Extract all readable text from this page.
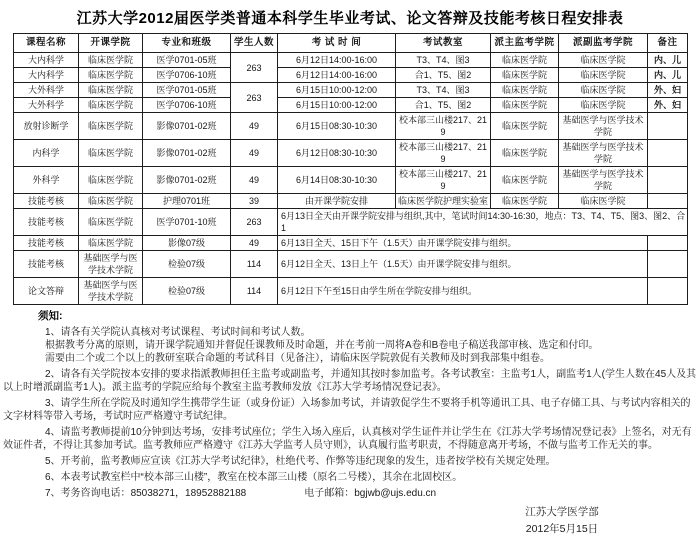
江苏大学2012届医学类普通本科学生毕业考试、论文答辩及技能考核日程安排表
课程名称	开课学院	专业和班级	学生人数	考 试 时 间	考试教室	派主监考学院	派副监考学院	备注
大内科学	临床医学院	医学0701-05班	263	6月12日14:00-16:00	T3、T4、图3	临床医学院	临床医学院	内、儿
大内科学	临床医学院	医学0706-10班		6月12日14:00-16:00	合1、T5、图2	临床医学院	临床医学院	内、儿
大外科学	临床医学院	医学0701-05班	263	6月15日10:00-12:00	T3、T4、图3	临床医学院	临床医学院	外、妇
大外科学	临床医学院	医学0706-10班		6月15日10:00-12:00	合1、T5、图2	临床医学院	临床医学院	外、妇
放射诊断学	临床医学院	影像0701-02班	49	6月15日08:30-10:30	校本部三山楼217、219	临床医学院	基础医学与医学技术学院	
内科学	临床医学院	影像0701-02班	49	6月12日08:30-10:30	校本部三山楼217、219	临床医学院	基础医学与医学技术学院	
外科学	临床医学院	影像0701-02班	49	6月14日08:30-10:30	校本部三山楼217、219	临床医学院	基础医学与医学技术学院	
技能考核	临床医学院	护理0701班	39	由开课学院安排	临床医学院护理实验室	临床医学院	临床医学院	
技能考核	临床医学院	医学0701-10班	263	6月13日全天由开课学院安排与组织,其中，笔试时间14:30-16:30，地点：T3、T4、T5、图3、图2、合1				
技能考核	临床医学院	影像07级	49	6月13日全天、15日下午（1.5天）由开课学院安排与组织。				
技能考核	基础医学与医学技术学院	检验07级	114	6月12日全天、13日上午（1.5天）由开课学院安排与组织。				
论文答辩	基础医学与医学技术学院	检验07级	114	6月12日下午至15日由学生所在学院安排与组织。				

须知:

1、请各有关学院认真核对考试课程、考试时间和考试人数。

根据教考分离的原则，请开课学院通知并督促任课教师及时命题，并在考前一周将A卷和B卷电子稿送我部审核、选定和付印。

需要由二个或二个以上的教研室联合命题的考试科目（见备注），请临床医学院敦促有关教师及时到我部集中组卷。

2、请各有关学院按本安排的要求指派教师担任主监考或副监考，并通知其按时参加监考。各考试教室：主监考1人，副监考1人(学生人数在45人及其以上时增派副监考1人)。派主监考的学院应给每个教室主监考教师发放《江苏大学考场情况登记表》。

3、请学生所在学院及时通知学生携带学生证（或身份证）入场参加考试，并请敦促学生不要将手机等通讯工具、电子存储工具、与考试内容相关的文字材料等带入考场，考试时应严格遵守考试纪律。

4、请监考教师提前10分钟到达考场，安排考试座位；学生入场入座后，认真核对学生证件并让学生在《江苏大学考场情况登记表》上签名，对无有效证件者，不得让其参加考试。监考教师应严格遵守《江苏大学监考人员守则》，认真履行监考职责，不得随意离开考场，不做与监考工作无关的事。

5、开考前，监考教师应宣读《江苏大学考试纪律》，杜绝代考、作弊等违纪现象的发生，违者按学校有关规定处理。

6、本表考试教室栏中“校本部三山楼”，教室在校本部三山楼（原名二号楼），其余在北固校区。

7、考务咨询电话：85038271，18952882188	电子邮箱：bgjwb@ujs.edu.cn

江苏大学医学部

2012年5月15日
